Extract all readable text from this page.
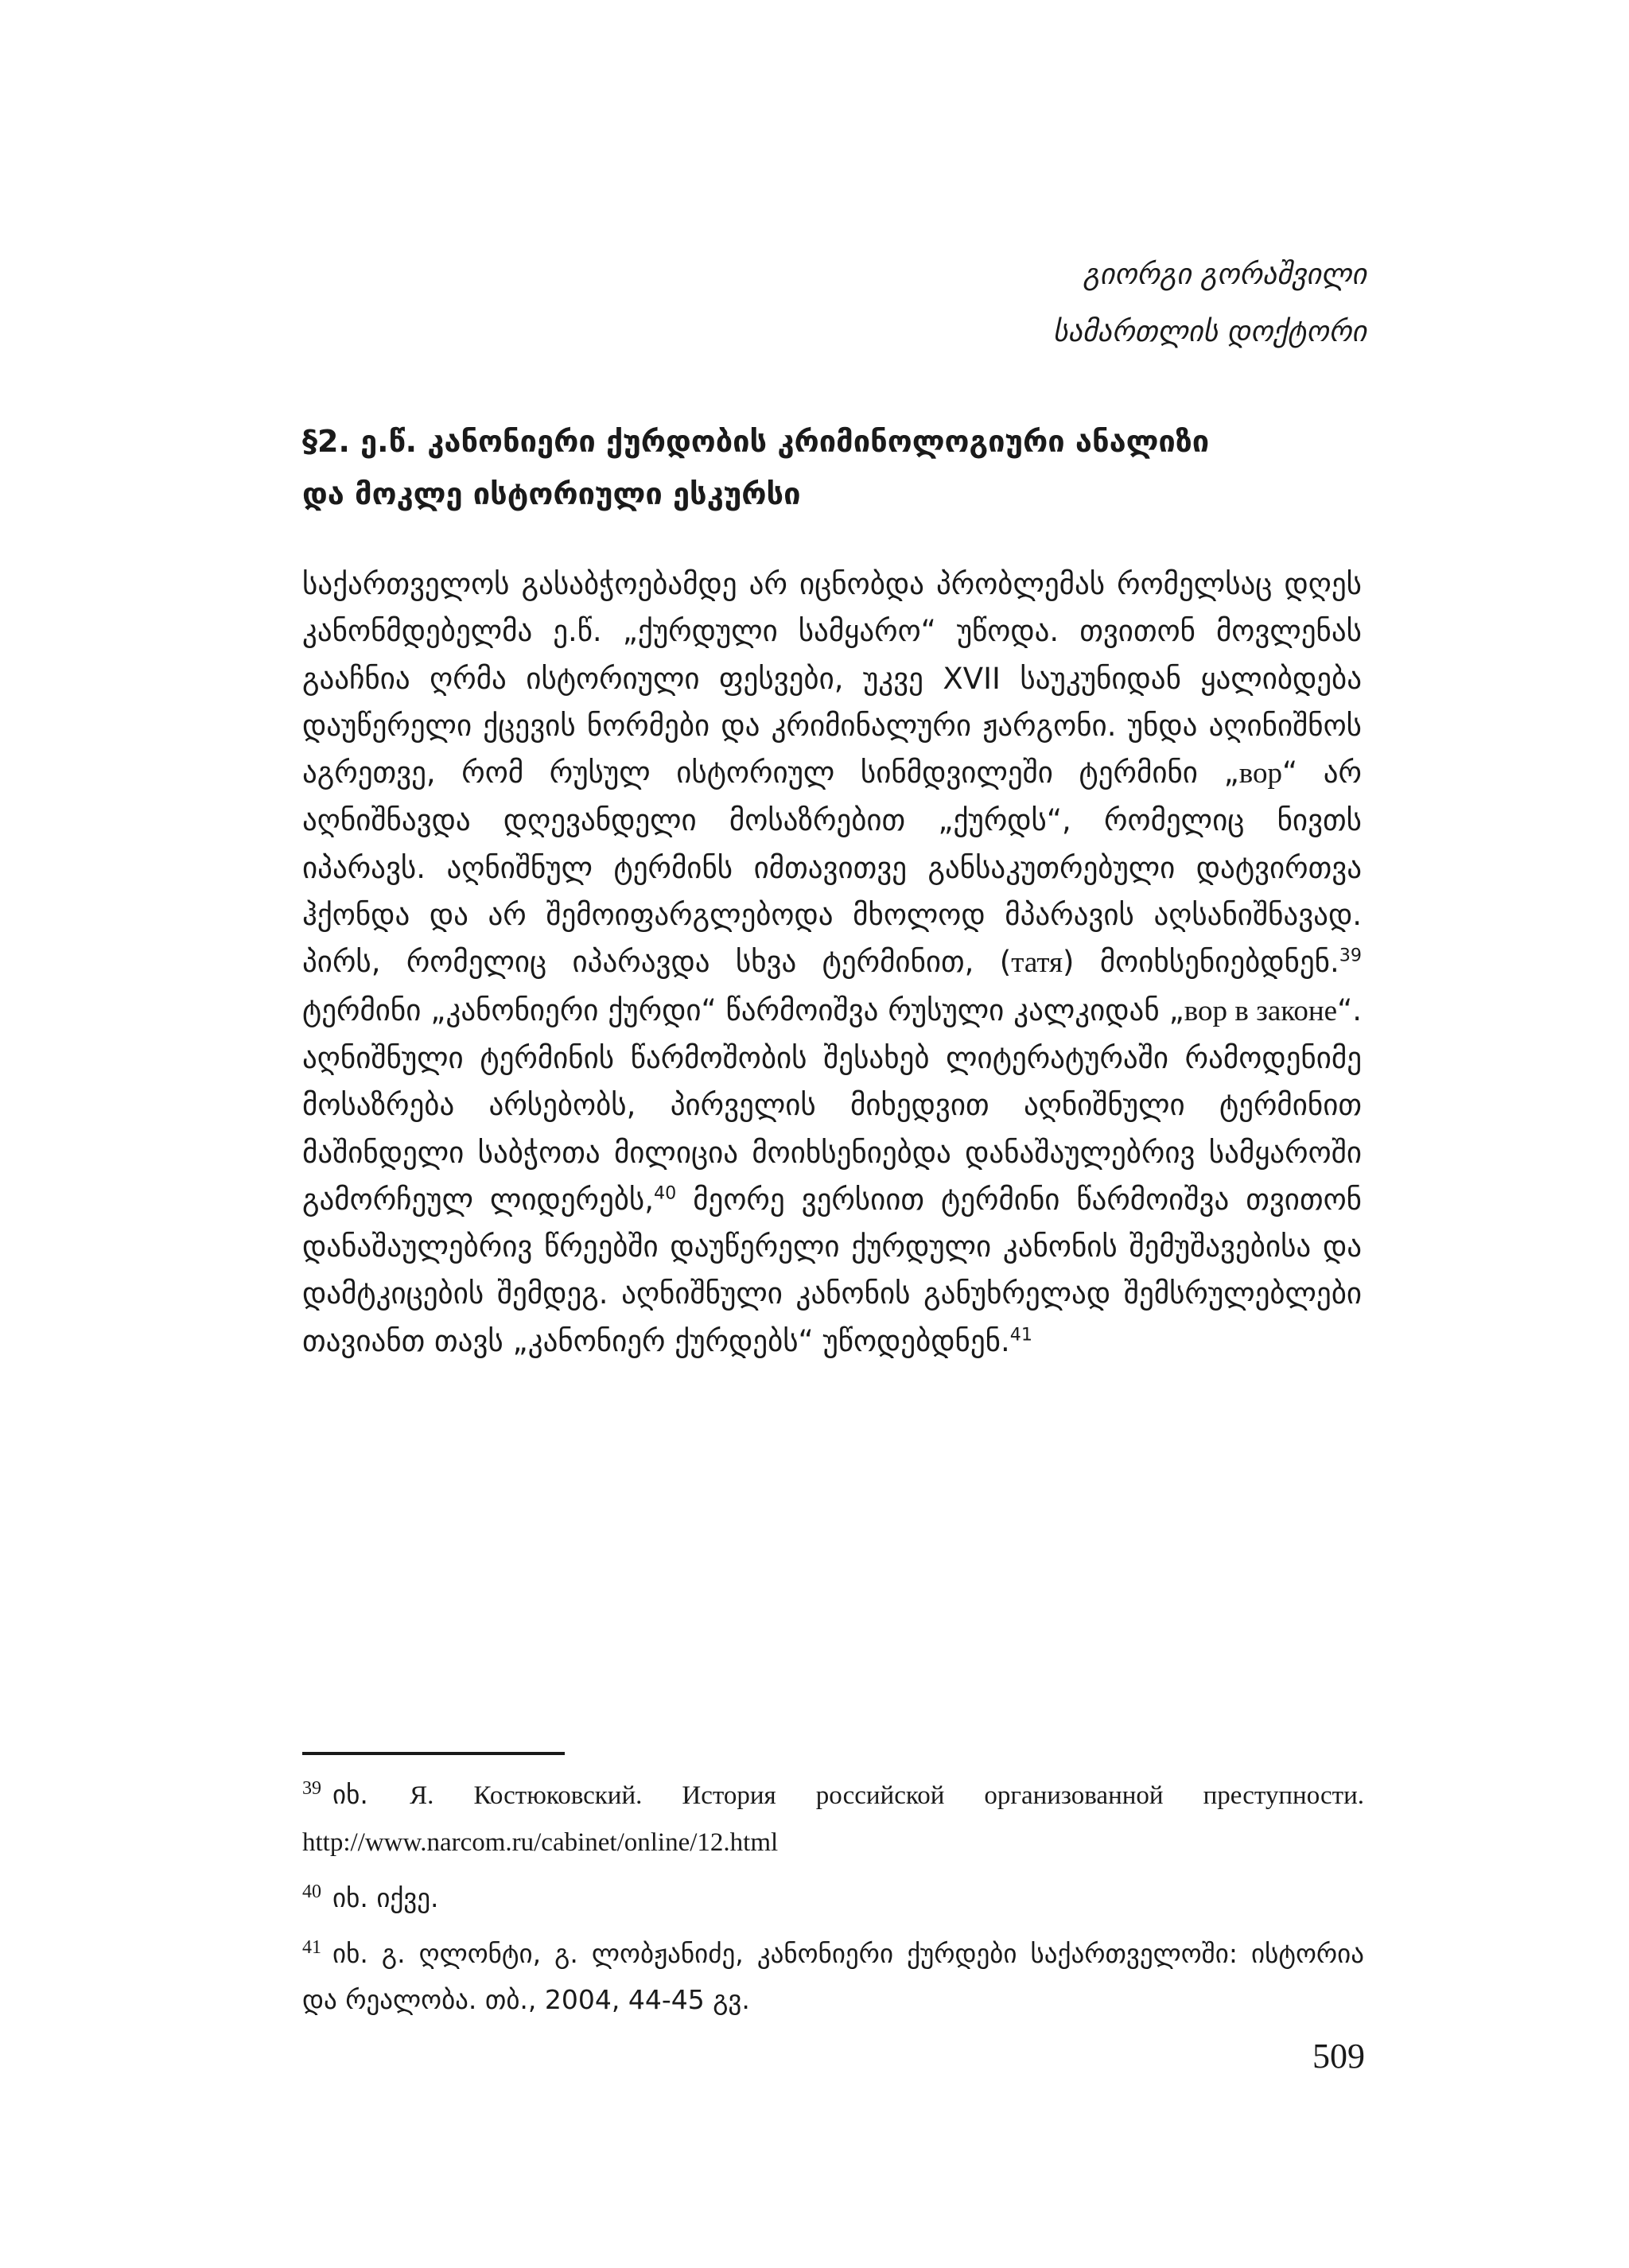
გიორგი გორაშვილი
სამართლის დოქტორი
§2. ე.წ. კანონიერი ქურდობის კრიმინოლოგიური ანალიზი
და მოკლე ისტორიული ესკურსი

საქართველოს გასაბჭოებამდე არ იცნობდა პრობლემას რომელსაც დღეს კანონმდებელმა ე.წ. „ქურდული სამყარო“ უწოდა. თვითონ მოვლენას გააჩნია ღრმა ისტორიული ფესვები, უკვე XVII საუკუნიდან ყალიბდება დაუწერელი ქცევის ნორმები და კრიმინალური ჟარგონი. უნდა აღინიშნოს აგრეთვე, რომ რუსულ ისტორიულ სინმდვილეში ტერმინი „вор“ არ აღნიშნავდა დღევანდელი მოსაზრებით „ქურდს“, რომელიც ნივთს იპარავს. აღნიშნულ ტერმინს იმთავითვე განსაკუთრებული დატვირთვა ჰქონდა და არ შემოიფარგლებოდა მხოლოდ მპარავის აღსანიშნავად. პირს, რომელიც იპარავდა სხვა ტერმინით, (татя) მოიხსენიებდნენ.$^{39}$ ტერმინი „კანონიერი ქურდი“ წარმოიშვა რუსული კალკიდან „вор в законе“. აღნიშნული ტერმინის წარმოშობის შესახებ ლიტერატურაში რამოდენიმე მოსაზრება არსებობს, პირველის მიხედვით აღნიშნული ტერმინით მაშინდელი საბჭოთა მილიცია მოიხსენიებდა დანაშაულებრივ სამყაროში გამორჩეულ ლიდერებს,$^{40}$ მეორე ვერსიით ტერმინი წარმოიშვა თვითონ დანაშაულებრივ წრეებში დაუწერელი ქურდული კანონის შემუშავებისა და დამტკიცების შემდეგ. აღნიშნული კანონის განუხრელად შემსრულებლები თავიანთ თავს „კანონიერ ქურდებს“ უწოდებდნენ.$^{41}$

$^{39}$ იხ. Я. Костюковский. История российской организованной преступности. http://www.narcom.ru/cabinet/online/12.html

$^{40}$ იხ. იქვე.

$^{41}$ იხ. გ. ღლონტი, გ. ლობჟანიძე, კანონიერი ქურდები საქართველოში: ისტორია და რეალობა. თბ., 2004, 44-45 გვ.

509
